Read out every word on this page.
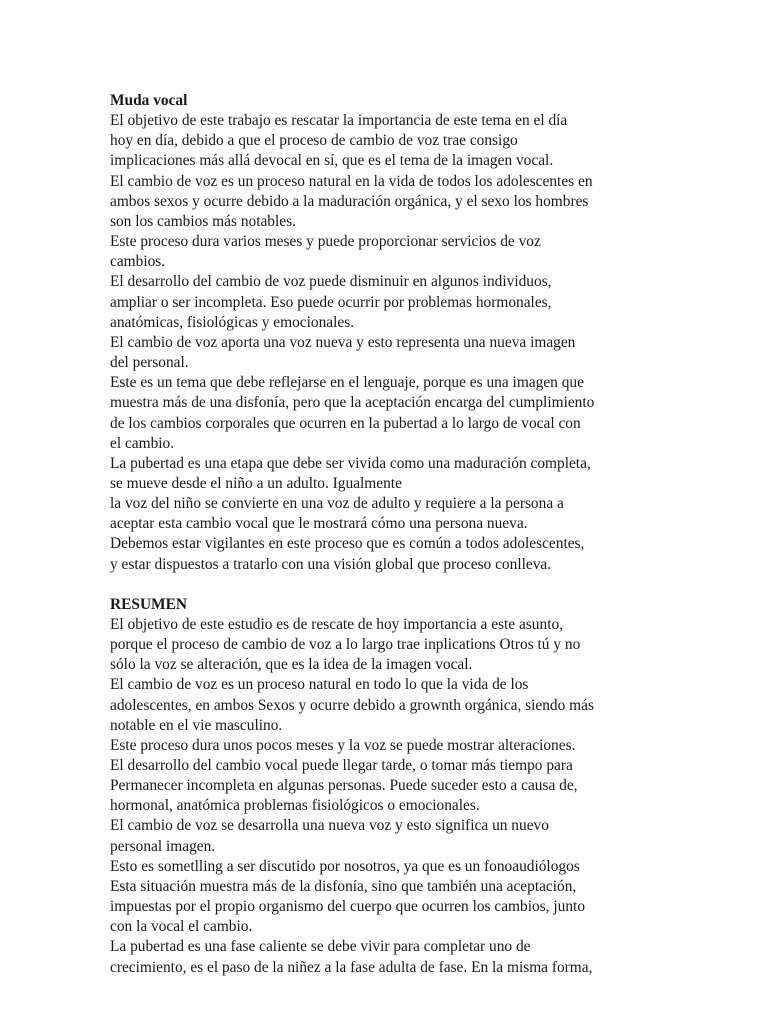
Muda vocal
El objetivo de este trabajo es rescatar la importancia de este tema en el día
hoy en día, debido a que el proceso de cambio de voz trae consigo
implicaciones más allá devocal en sí, que es el tema de la imagen vocal.
El cambio de voz es un proceso natural en la vida de todos los adolescentes en
ambos sexos y ocurre debido a la maduración orgánica, y el sexo los hombres
son los cambios más notables.
Este proceso dura varios meses y puede proporcionar servicios de voz
cambios.
El desarrollo del cambio de voz puede disminuir en algunos individuos,
ampliar o ser incompleta. Eso puede ocurrir por problemas hormonales,
anatómicas, fisiológicas y emocionales.
El cambio de voz aporta una voz nueva y esto representa una nueva imagen
del personal.
Este es un tema que debe reflejarse en el lenguaje, porque es una imagen que
muestra más de una disfonía, pero que la aceptación encarga del cumplimiento
de los cambios corporales que ocurren en la pubertad a lo largo de vocal con
el cambio.
La pubertad es una etapa que debe ser vivida como una maduración completa,
se mueve desde el niño a un adulto. Igualmente
la voz del niño se convierte en una voz de adulto y requiere a la persona a
aceptar esta cambio vocal que le mostrará cómo una persona nueva.
Debemos estar vigilantes en este proceso que es común a todos adolescentes,
y estar dispuestos a tratarlo con una visión global que proceso conlleva.
RESUMEN
El objetivo de este estudio es de rescate de hoy importancia a este asunto,
porque el proceso de cambio de voz a lo largo trae inplications Otros tú y no
sólo la voz se alteración, que es la idea de la imagen vocal.
El cambio de voz es un proceso natural en todo lo que la vida de los
adolescentes, en ambos Sexos y ocurre debido a grownth orgánica, siendo más
notable en el vie masculino.
Este proceso dura unos pocos meses y la voz se puede mostrar alteraciones.
El desarrollo del cambio vocal puede llegar tarde, o tomar más tiempo para
Permanecer incompleta en algunas personas. Puede suceder esto a causa de,
hormonal, anatómica problemas fisiológicos o emocionales.
El cambio de voz se desarrolla una nueva voz y esto significa un nuevo
personal imagen.
Esto es sometlling a ser discutido por nosotros, ya que es un fonoaudiólogos
Esta situación muestra más de la disfonía, sino que también una aceptación,
impuestas por el propio organismo del cuerpo que ocurren los cambios, junto
con la vocal el cambio.
La pubertad es una fase caliente se debe vivir para completar uno de
crecimiento, es el paso de la niñez a la fase adulta de fase. En la misma forma,
